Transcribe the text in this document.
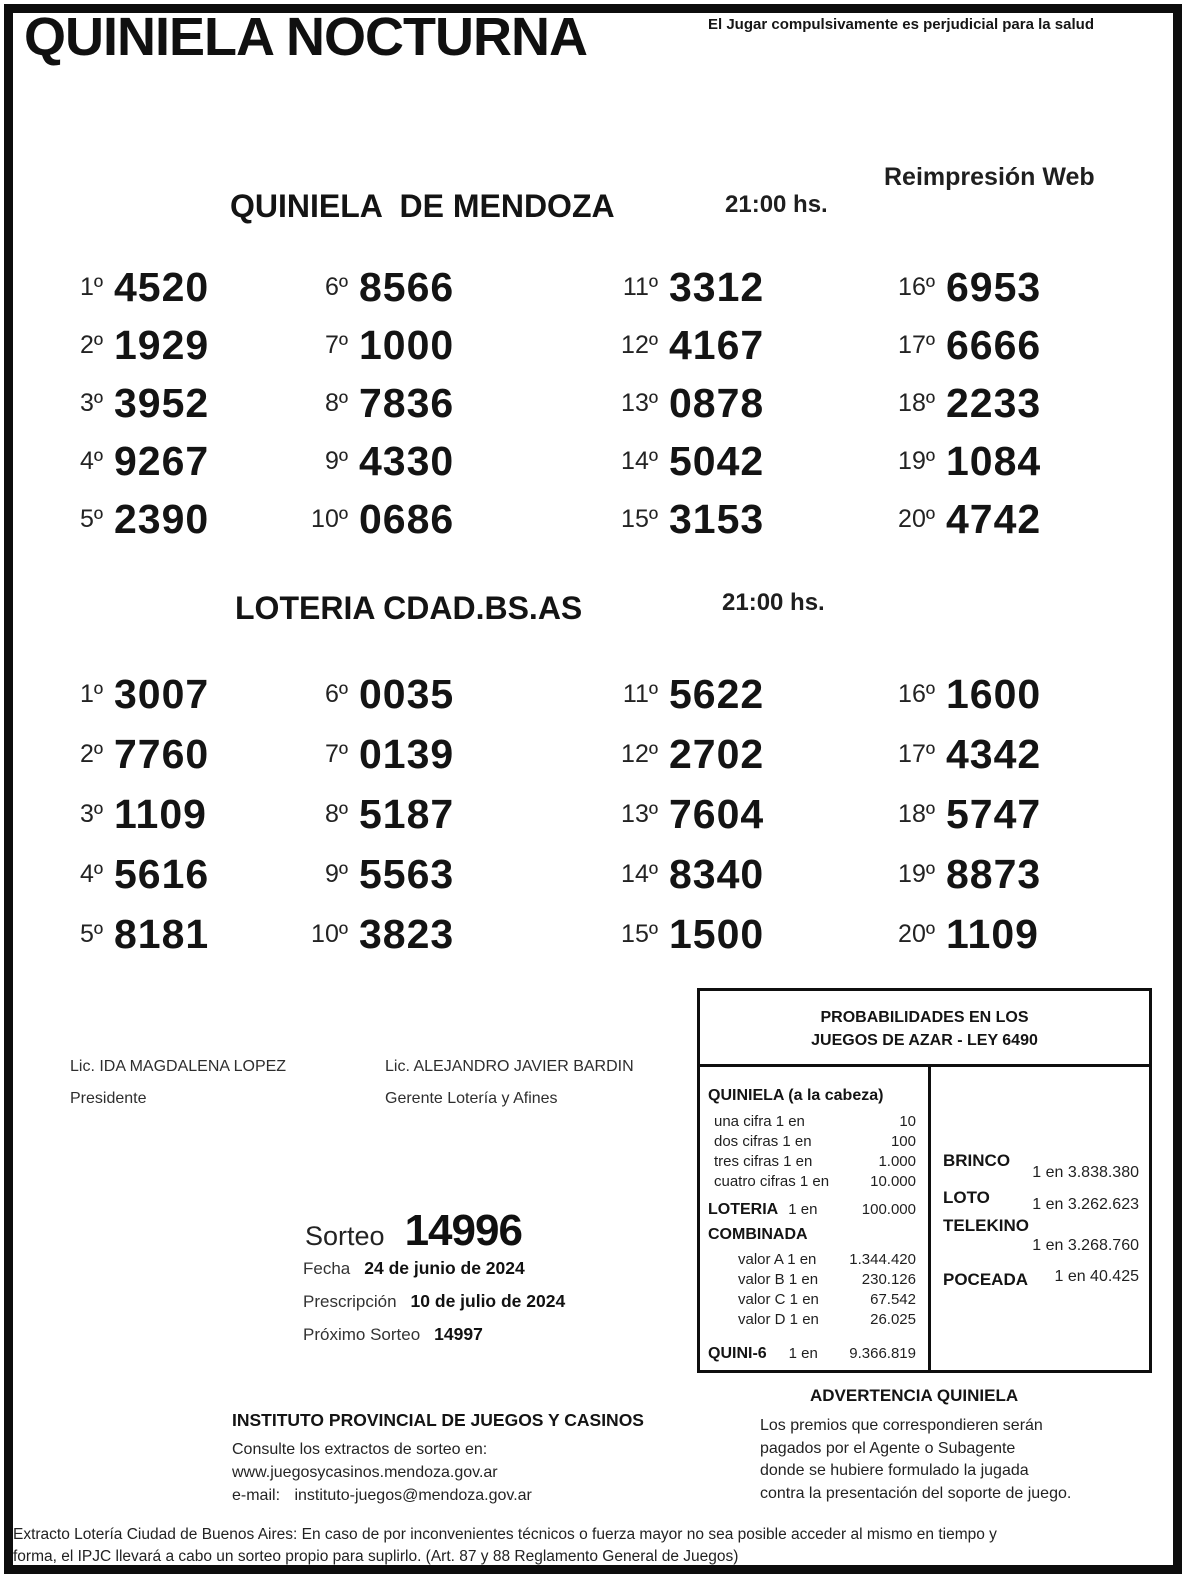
QUINIELA NOCTURNA	El Jugar compulsivamente es perjudicial para la salud
QUINIELA  DE MENDOZA	21:00 hs.
Reimpresión Web
1º 4520
2º 1929
3º 3952
4º 9267
5º 2390
6º 8566
7º 1000
8º 7836
9º 4330
10º 0686
11º 3312
12º 4167
13º 0878
14º 5042
15º 3153
16º 6953
17º 6666
18º 2233
19º 1084
20º 4742
LOTERIA CDAD.BS.AS	21:00 hs.
1º 3007
2º 7760
3º 1109
4º 5616
5º 8181
6º 0035
7º 0139
8º 5187
9º 5563
10º 3823
11º 5622
12º 2702
13º 7604
14º 8340
15º 1500
16º 1600
17º 4342
18º 5747
19º 8873
20º 1109
Lic. IDA MAGDALENA LOPEZ
Presidente
Lic. ALEJANDRO JAVIER BARDIN
Gerente Lotería y Afines
Sorteo 14996
Fecha 24 de junio de 2024
Prescripción 10 de julio de 2024
Próximo Sorteo 14997
PROBABILIDADES EN LOS
JUEGOS DE AZAR - LEY 6490
QUINIELA (a la cabeza)
una cifra 1 en	10
dos cifras 1 en	100
tres cifras 1 en	1.000
cuatro cifras 1 en	10.000
LOTERIA 1 en	100.000
COMBINADA
valor A 1 en	1.344.420
valor B 1 en	230.126
valor C 1 en	67.542
valor D 1 en	26.025
QUINI-6 1 en	9.366.819
BRINCO
1 en 3.838.380
LOTO	1 en 3.262.623
TELEKINO
1 en 3.268.760
POCEADA 1 en 40.425
ADVERTENCIA QUINIELA
Los premios que correspondieren serán
pagados por el Agente o Subagente
donde se hubiere formulado la jugada
contra la presentación del soporte de juego.
INSTITUTO PROVINCIAL DE JUEGOS Y CASINOS
Consulte los extractos de sorteo en:
www.juegosycasinos.mendoza.gov.ar
e-mail: instituto-juegos@mendoza.gov.ar
Extracto Lotería Ciudad de Buenos Aires: En caso de por inconvenientes técnicos o fuerza mayor no sea posible acceder al mismo en tiempo y
forma, el IPJC llevará a cabo un sorteo propio para suplirlo. (Art. 87 y 88 Reglamento General de Juegos)
